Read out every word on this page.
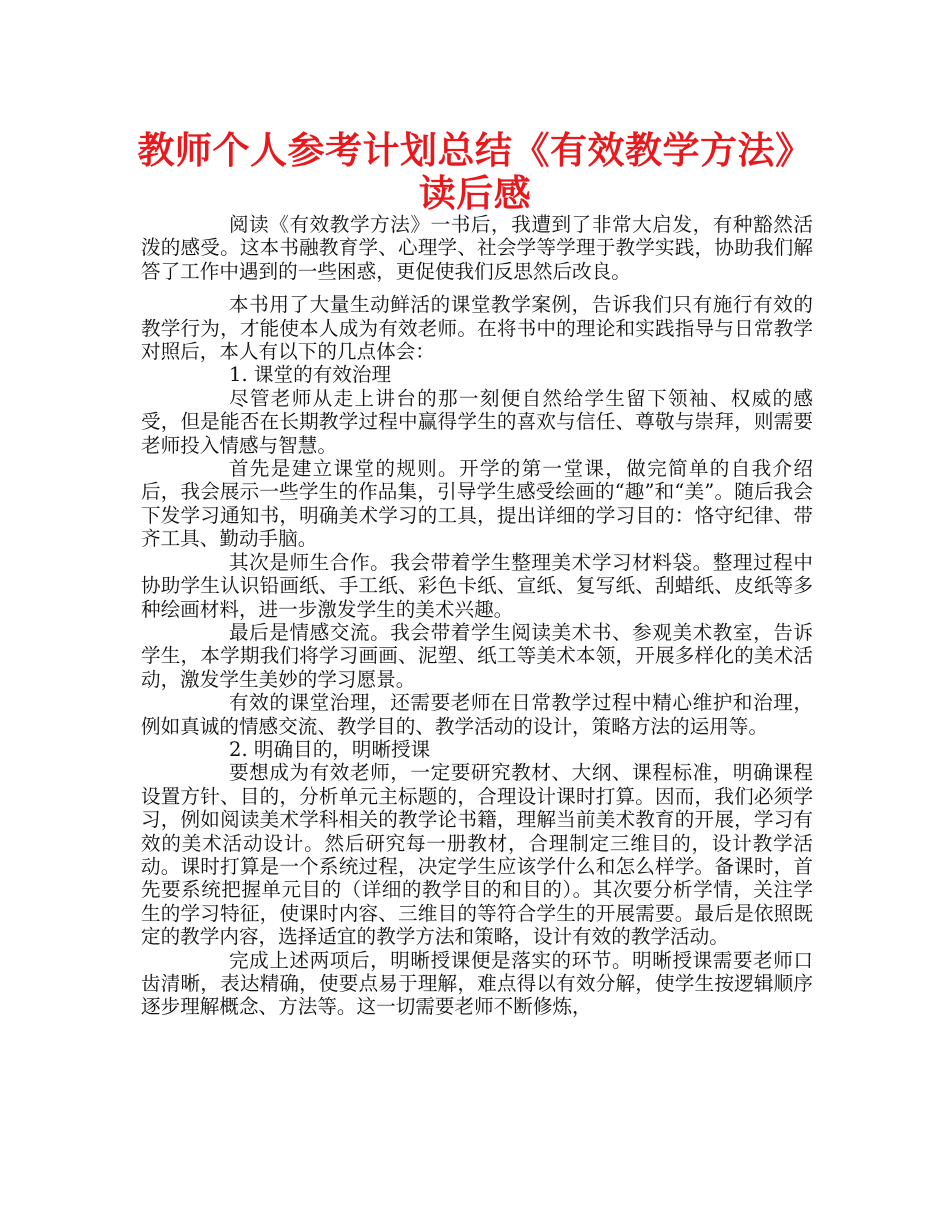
教师个人参考计划总结《有效教学方法》
读后感

阅读《有效教学方法》一书后，我遭到了非常大启发，有种豁然活泼的感受。这本书融教育学、心理学、社会学等学理于教学实践，协助我们解答了工作中遇到的一些困惑，更促使我们反思然后改良。

本书用了大量生动鲜活的课堂教学案例，告诉我们只有施行有效的教学行为，才能使本人成为有效老师。在将书中的理论和实践指导与日常教学对照后，本人有以下的几点体会：

1. 课堂的有效治理

尽管老师从走上讲台的那一刻便自然给学生留下领袖、权威的感受，但是能否在长期教学过程中赢得学生的喜欢与信任、尊敬与崇拜，则需要老师投入情感与智慧。

首先是建立课堂的规则。开学的第一堂课，做完简单的自我介绍后，我会展示一些学生的作品集，引导学生感受绘画的“趣”和“美”。随后我会下发学习通知书，明确美术学习的工具，提出详细的学习目的：恪守纪律、带齐工具、勤动手脑。

其次是师生合作。我会带着学生整理美术学习材料袋。整理过程中协助学生认识铅画纸、手工纸、彩色卡纸、宣纸、复写纸、刮蜡纸、皮纸等多种绘画材料，进一步激发学生的美术兴趣。

最后是情感交流。我会带着学生阅读美术书、参观美术教室，告诉学生，本学期我们将学习画画、泥塑、纸工等美术本领，开展多样化的美术活动，激发学生美妙的学习愿景。

有效的课堂治理，还需要老师在日常教学过程中精心维护和治理，例如真诚的情感交流、教学目的、教学活动的设计，策略方法的运用等。

2. 明确目的，明晰授课

要想成为有效老师，一定要研究教材、大纲、课程标准，明确课程设置方针、目的，分析单元主标题的，合理设计课时打算。因而，我们必须学习，例如阅读美术学科相关的教学论书籍，理解当前美术教育的开展，学习有效的美术活动设计。然后研究每一册教材，合理制定三维目的，设计教学活动。课时打算是一个系统过程，决定学生应该学什么和怎么样学。备课时，首先要系统把握单元目的（详细的教学目的和目的）。其次要分析学情，关注学生的学习特征，使课时内容、三维目的等符合学生的开展需要。最后是依照既定的教学内容，选择适宜的教学方法和策略，设计有效的教学活动。

完成上述两项后，明晰授课便是落实的环节。明晰授课需要老师口齿清晰，表达精确，使要点易于理解，难点得以有效分解，使学生按逻辑顺序逐步理解概念、方法等。这一切需要老师不断修炼，
